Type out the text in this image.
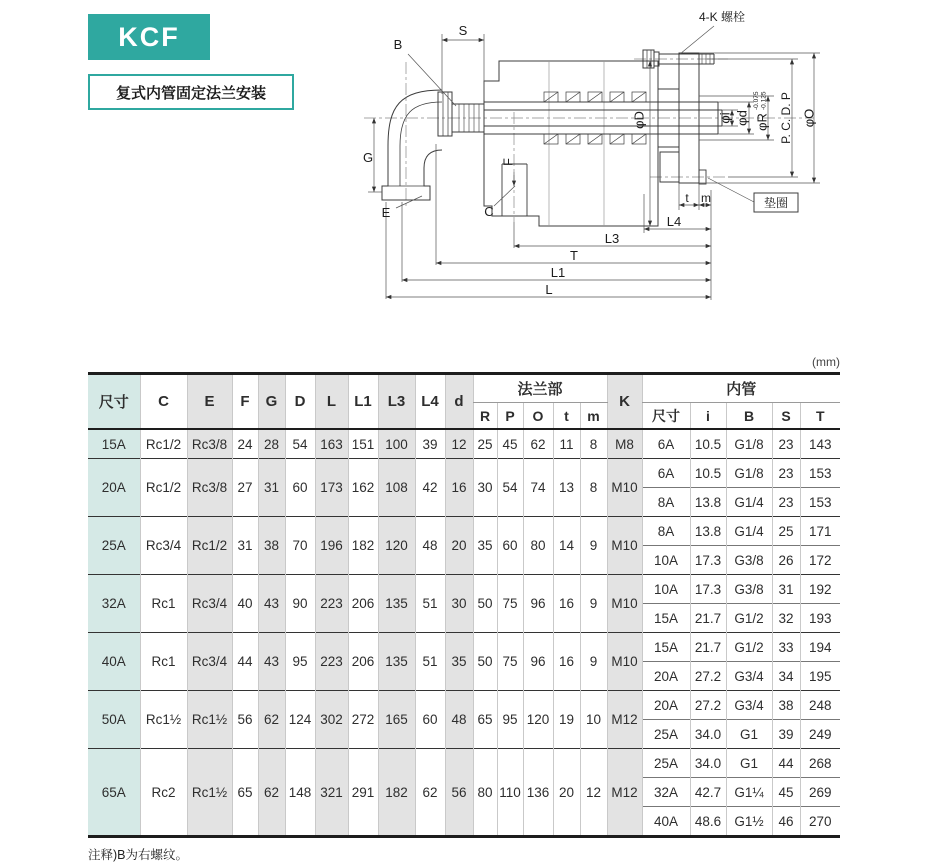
KCF
复式内管固定法兰安装
S
B
G
E	C
F
φD
4-K 螺栓
垫圈
φi φd φR
-0.075 -0.125 P. C. D. P φO
t m
L4
L3
T
L1
L
(mm)
尺寸	C	E	F	G	D	L	L1	L3	L4	d	法兰部					K	内管				
											R	P	O	t	m		尺寸	i	B	S	T
15A	Rc1/2	Rc3/8	24	28	54	163	151	100	39	12	25	45	62	11	8	M8	6A	10.5	G1/8	23	143
20A	Rc1/2	Rc3/8	27	31	60	173	162	108	42	16	30	54	74	13	8	M10	6A	10.5	G1/8	23	153
																	8A	13.8	G1/4	23	153
25A	Rc3/4	Rc1/2	31	38	70	196	182	120	48	20	35	60	80	14	9	M10	8A	13.8	G1/4	25	171
																	10A	17.3	G3/8	26	172
32A	Rc1	Rc3/4	40	43	90	223	206	135	51	30	50	75	96	16	9	M10	10A	17.3	G3/8	31	192
																	15A	21.7	G1/2	32	193
40A	Rc1	Rc3/4	44	43	95	223	206	135	51	35	50	75	96	16	9	M10	15A	21.7	G1/2	33	194
																	20A	27.2	G3/4	34	195
50A	Rc1½	Rc1½	56	62	124	302	272	165	60	48	65	95	120	19	10	M12	20A	27.2	G3/4	38	248
																	25A	34.0	G1	39	249
65A	Rc2	Rc1½	65	62	148	321	291	182	62	56	80	110	136	20	12	M12	25A	34.0	G1	44	268
																	32A	42.7	G1¼	45	269
																	40A	48.6	G1½	46	270
注释)B为右螺纹。
